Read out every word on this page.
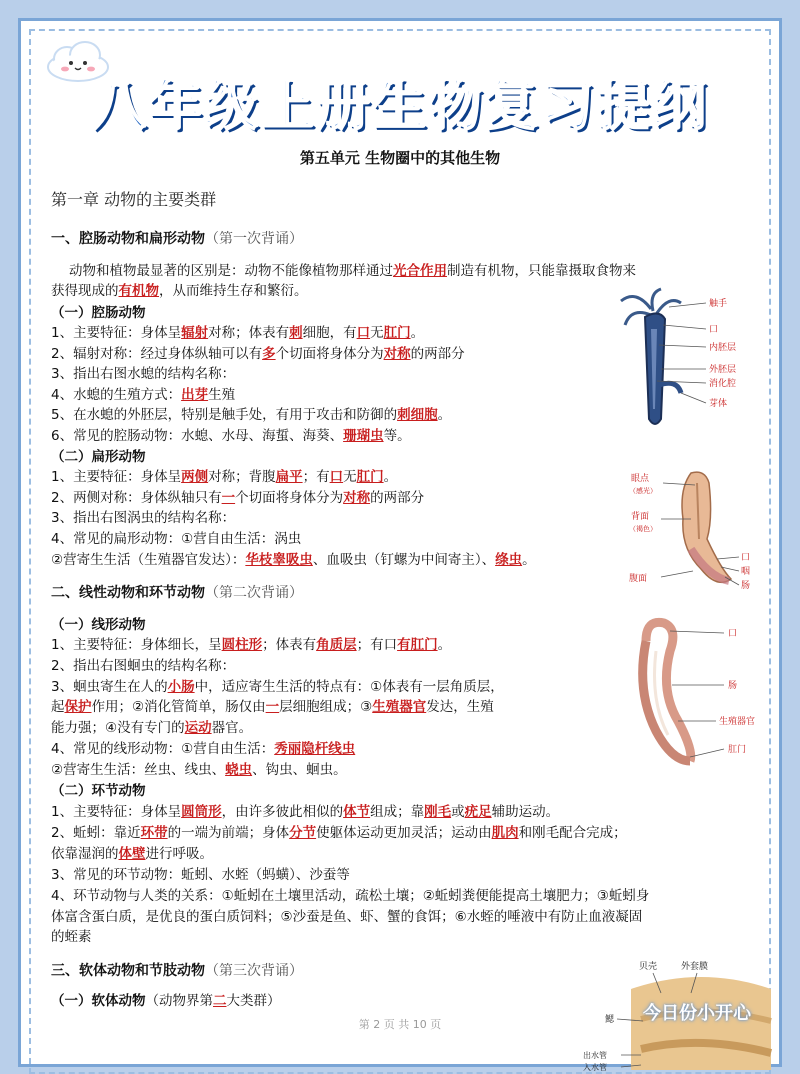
八年级上册生物复习提纲
第五单元 生物圈中的其他生物
第一章 动物的主要类群
一、腔肠动物和扁形动物（第一次背诵）
动物和植物最显著的区别是：动物不能像植物那样通过光合作用制造有机物，只能靠摄取食物来
获得现成的有机物，从而维持生存和繁衍。
（一）腔肠动物
1、主要特征：身体呈辐射对称；体表有刺细胞，有口无肛门。
2、辐射对称：经过身体纵轴可以有多个切面将身体分为对称的两部分
3、指出右图水螅的结构名称：
4、水螅的生殖方式：出芽生殖
5、在水螅的外胚层，特别是触手处，有用于攻击和防御的刺细胞。
6、常见的腔肠动物：水螅、水母、海蜇、海葵、珊瑚虫等。
（二）扁形动物
1、主要特征：身体呈两侧对称；背腹扁平；有口无肛门。
2、两侧对称：身体纵轴只有一个切面将身体分为对称的两部分
3、指出右图涡虫的结构名称：
4、常见的扁形动物：①营自由生活：涡虫
②营寄生生活（生殖器官发达）：华枝睾吸虫、血吸虫（钉螺为中间寄主）、绦虫。
二、线性动物和环节动物（第二次背诵）
（一）线形动物
1、主要特征：身体细长，呈圆柱形；体表有角质层；有口有肛门。
2、指出右图蛔虫的结构名称：
3、蛔虫寄生在人的小肠中，适应寄生生活的特点有：①体表有一层角质层，
起保护作用；②消化管简单，肠仅由一层细胞组成；③生殖器官发达，生殖
能力强；④没有专门的运动器官。
4、常见的线形动物：①营自由生活：秀丽隐杆线虫
②营寄生生活：丝虫、线虫、蛲虫、钩虫、蛔虫。
（二）环节动物
1、主要特征：身体呈圆筒形，由许多彼此相似的体节组成；靠刚毛或疣足辅助运动。
2、蚯蚓：靠近环带的一端为前端；身体分节使躯体运动更加灵活；运动由肌肉和刚毛配合完成；
依靠湿润的体壁进行呼吸。
3、常见的环节动物：蚯蚓、水蛭（蚂蟥）、沙蚕等
4、环节动物与人类的关系：①蚯蚓在土壤里活动，疏松土壤；②蚯蚓粪便能提高土壤肥力；③蚯蚓身
体富含蛋白质，是优良的蛋白质饲料；⑤沙蚕是鱼、虾、蟹的食饵；⑥水蛭的唾液中有防止血液凝固
的蛭素
三、软体动物和节肢动物（第三次背诵）
（一）软体动物（动物界第二大类群）
触手
口
内胚层
外胚层
消化腔
芽体
眼点
（感光）
背面
（褐色）
口
咽
腹面
肠
口
肠
生殖器官
肛门
贝壳	外套膜
鳃
出水管
入水管
今日份小开心
第 2 页 共 10 页
